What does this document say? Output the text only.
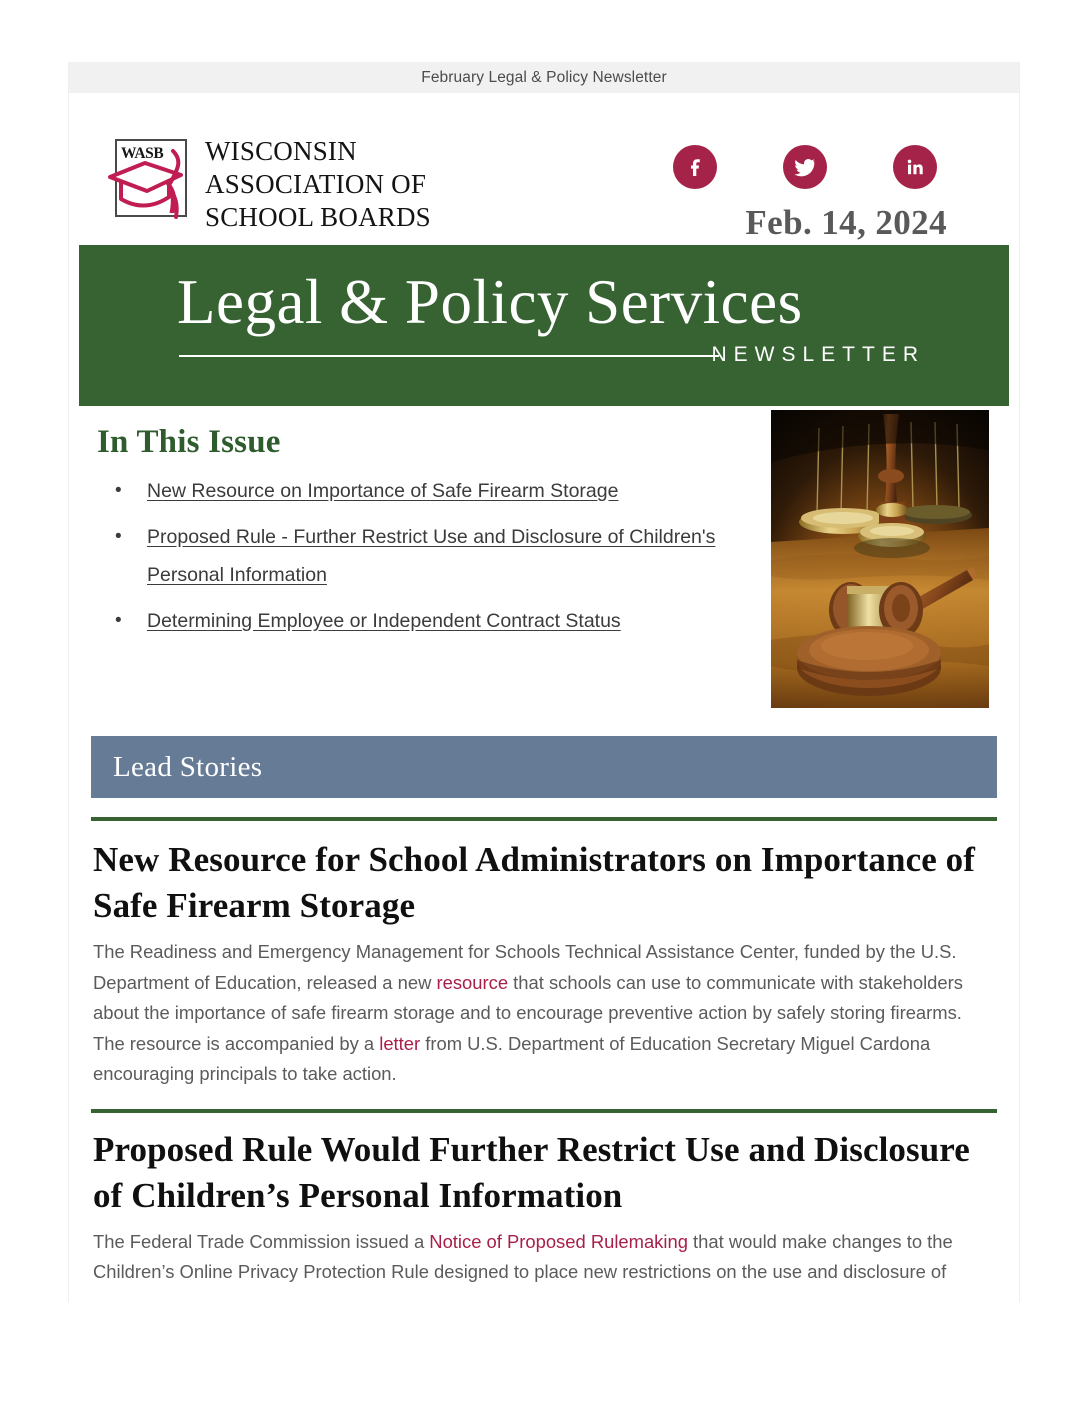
February Legal & Policy Newsletter
WASB WISCONSIN
ASSOCIATION OF
SCHOOL BOARDS	Feb. 14, 2024
Legal & Policy Services
NEWSLETTER
In This Issue
• New Resource on Importance of Safe Firearm Storage
• Proposed Rule - Further Restrict Use and Disclosure of Children's Personal Information
• Determining Employee or Independent Contract Status
Lead Stories
New Resource for School Administrators on Importance of Safe Firearm Storage

The Readiness and Emergency Management for Schools Technical Assistance Center, funded by the U.S. Department of Education, released a new resource that schools can use to communicate with stakeholders about the importance of safe firearm storage and to encourage preventive action by safely storing firearms. The resource is accompanied by a letter from U.S. Department of Education Secretary Miguel Cardona encouraging principals to take action.

Proposed Rule Would Further Restrict Use and Disclosure of Children’s Personal Information

The Federal Trade Commission issued a Notice of Proposed Rulemaking that would make changes to the Children’s Online Privacy Protection Rule designed to place new restrictions on the use and disclosure of
